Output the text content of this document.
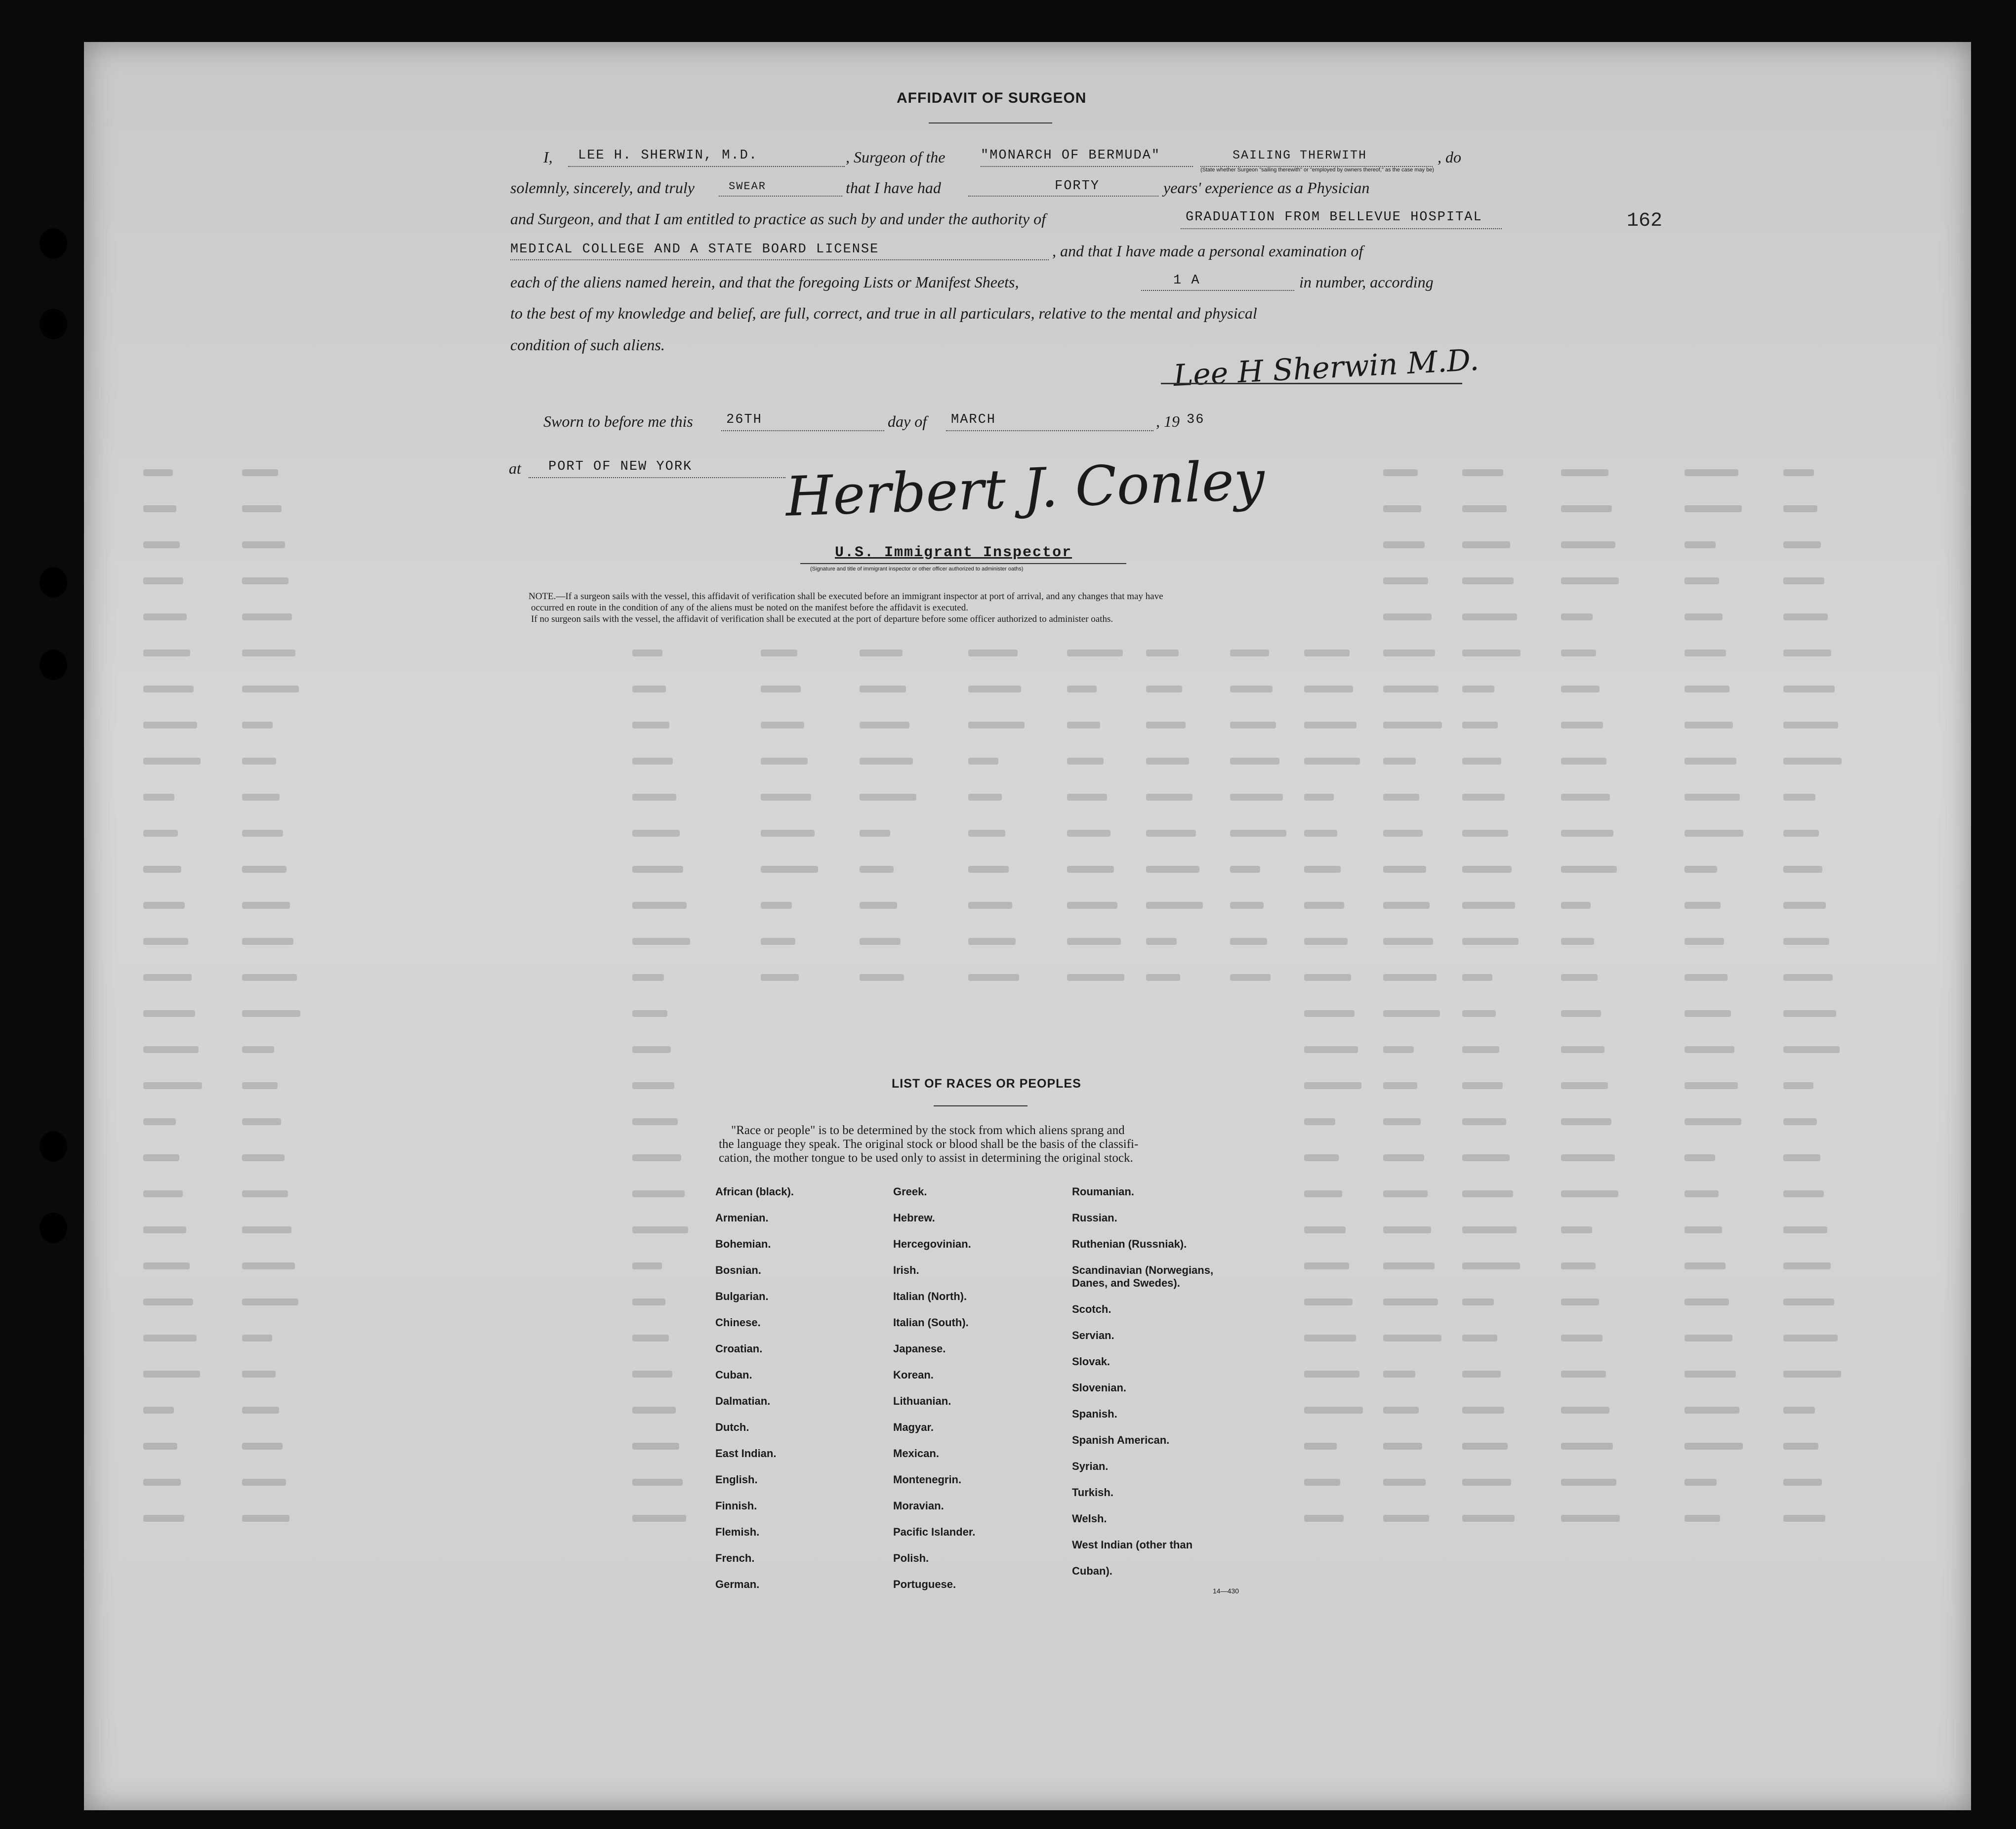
162
AFFIDAVIT OF SURGEON
I, LEE H. SHERWIN, M.D.	, Surgeon of the	"MONARCH OF BERMUDA"	SAILING THERWITH	, do
(State whether Surgeon "sailing therewith" or "employed by owners thereof," as the case may be)
solemnly, sincerely, and truly	SWEAR	that I have had	FORTY	years' experience as a Physician
and Surgeon, and that I am entitled to practice as such by and under the authority of	GRADUATION FROM BELLEVUE HOSPITAL
MEDICAL COLLEGE AND A STATE BOARD LICENSE	, and that I have made a personal examination of
each of the aliens named herein, and that the foregoing Lists or Manifest Sheets,	1 A	in number, according
to the best of my knowledge and belief, are full, correct, and true in all particulars, relative to the mental and physical
condition of such aliens.	Lee H Sherwin M.D.
Sworn to before me this 26TH	day of MARCH	, 19 36
at PORT OF NEW YORK Herbert J. Conley
U.S. Immigrant Inspector
(Signature and title of immigrant inspector or other officer authorized to administer oaths)
NOTE.—If a surgeon sails with the vessel, this affidavit of verification shall be executed before an immigrant inspector at port of arrival, and any changes that may have
occurred en route in the condition of any of the aliens must be noted on the manifest before the affidavit is executed.
If no surgeon sails with the vessel, the affidavit of verification shall be executed at the port of departure before some officer authorized to administer oaths.
LIST OF RACES OR PEOPLES
"Race or people" is to be determined by the stock from which aliens sprang and
the language they speak. The original stock or blood shall be the basis of the classifi-
cation, the mother tongue to be used only to assist in determining the original stock.
African (black).
Armenian.
Bohemian.
Bosnian.
Bulgarian.
Chinese.
Croatian.
Cuban.
Dalmatian.
Dutch.
East Indian.
English.
Finnish.
Flemish.
French.
German.
Greek.
Hebrew.
Hercegovinian.
Irish.
Italian (North).
Italian (South).
Japanese.
Korean.
Lithuanian.
Magyar.
Mexican.
Montenegrin.
Moravian.
Pacific Islander.
Polish.
Portuguese.
Roumanian.
Russian.
Ruthenian (Russniak).
Scandinavian (Norwegians,
Danes, and Swedes).
Scotch.
Servian.
Slovak.
Slovenian.
Spanish.
Spanish American.
Syrian.
Turkish.
Welsh.
West Indian (other than
Cuban).
14—430
